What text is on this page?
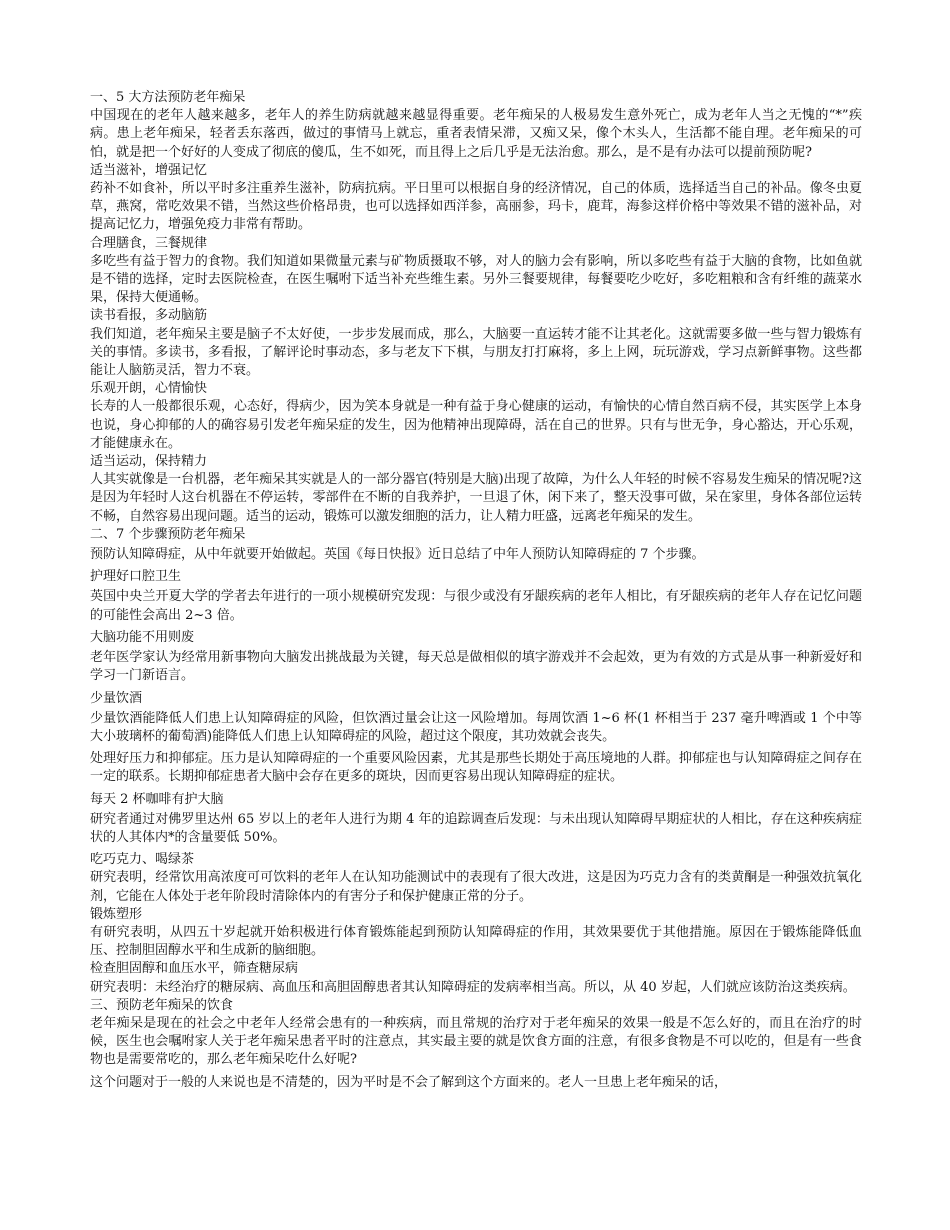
一、5 大方法预防老年痴呆

中国现在的老年人越来越多，老年人的养生防病就越来越显得重要。老年痴呆的人极易发生意外死亡，成为老年人当之无愧的“*”疾病。患上老年痴呆，轻者丢东落西，做过的事情马上就忘，重者表情呆滞，又痴又呆，像个木头人，生活都不能自理。老年痴呆的可怕，就是把一个好好的人变成了彻底的傻瓜，生不如死，而且得上之后几乎是无法治愈。那么，是不是有办法可以提前预防呢?

适当滋补，增强记忆

药补不如食补，所以平时多注重养生滋补，防病抗病。平日里可以根据自身的经济情况，自己的体质，选择适当自己的补品。像冬虫夏草，燕窝，常吃效果不错，当然这些价格昂贵，也可以选择如西洋参，高丽参，玛卡，鹿茸，海参这样价格中等效果不错的滋补品，对提高记忆力，增强免疫力非常有帮助。

合理膳食，三餐规律

多吃些有益于智力的食物。我们知道如果微量元素与矿物质摄取不够，对人的脑力会有影响，所以多吃些有益于大脑的食物，比如鱼就是不错的选择，定时去医院检查，在医生嘱咐下适当补充些维生素。另外三餐要规律，每餐要吃少吃好，多吃粗粮和含有纤维的蔬菜水果，保持大便通畅。

读书看报，多动脑筋

我们知道，老年痴呆主要是脑子不太好使，一步步发展而成，那么，大脑要一直运转才能不让其老化。这就需要多做一些与智力锻炼有关的事情。多读书，多看报，了解评论时事动态，多与老友下下棋，与朋友打打麻将，多上上网，玩玩游戏，学习点新鲜事物。这些都能让人脑筋灵活，智力不衰。

乐观开朗，心情愉快

长寿的人一般都很乐观，心态好，得病少，因为笑本身就是一种有益于身心健康的运动，有愉快的心情自然百病不侵，其实医学上本身也说，身心抑郁的人的确容易引发老年痴呆症的发生，因为他精神出现障碍，活在自己的世界。只有与世无争，身心豁达，开心乐观，才能健康永在。

适当运动，保持精力

人其实就像是一台机器，老年痴呆其实就是人的一部分器官(特别是大脑)出现了故障，为什么人年轻的时候不容易发生痴呆的情况呢?这是因为年轻时人这台机器在不停运转，零部件在不断的自我养护，一旦退了休，闲下来了，整天没事可做，呆在家里，身体各部位运转不畅，自然容易出现问题。适当的运动，锻炼可以激发细胞的活力，让人精力旺盛，远离老年痴呆的发生。

二、7 个步骤预防老年痴呆

预防认知障碍症，从中年就要开始做起。英国《每日快报》近日总结了中年人预防认知障碍症的 7 个步骤。

护理好口腔卫生

英国中央兰开夏大学的学者去年进行的一项小规模研究发现：与很少或没有牙龈疾病的老年人相比，有牙龈疾病的老年人存在记忆问题的可能性会高出 2~3 倍。

大脑功能不用则废

老年医学家认为经常用新事物向大脑发出挑战最为关键，每天总是做相似的填字游戏并不会起效，更为有效的方式是从事一种新爱好和学习一门新语言。

少量饮酒

少量饮酒能降低人们患上认知障碍症的风险，但饮酒过量会让这一风险增加。每周饮酒 1~6 杯(1 杯相当于 237 毫升啤酒或 1 个中等大小玻璃杯的葡萄酒)能降低人们患上认知障碍症的风险，超过这个限度，其功效就会丧失。

处理好压力和抑郁症。压力是认知障碍症的一个重要风险因素，尤其是那些长期处于高压境地的人群。抑郁症也与认知障碍症之间存在一定的联系。长期抑郁症患者大脑中会存在更多的斑块，因而更容易出现认知障碍症的症状。

每天 2 杯咖啡有护大脑

研究者通过对佛罗里达州 65 岁以上的老年人进行为期 4 年的追踪调查后发现：与未出现认知障碍早期症状的人相比，存在这种疾病症状的人其体内*的含量要低 50%。

吃巧克力、喝绿茶

研究表明，经常饮用高浓度可可饮料的老年人在认知功能测试中的表现有了很大改进，这是因为巧克力含有的类黄酮是一种强效抗氧化剂，它能在人体处于老年阶段时清除体内的有害分子和保护健康正常的分子。

锻炼塑形

有研究表明，从四五十岁起就开始积极进行体育锻炼能起到预防认知障碍症的作用，其效果要优于其他措施。原因在于锻炼能降低血压、控制胆固醇水平和生成新的脑细胞。

检查胆固醇和血压水平，筛查糖尿病

研究表明：未经治疗的糖尿病、高血压和高胆固醇患者其认知障碍症的发病率相当高。所以，从 40 岁起，人们就应该防治这类疾病。

三、预防老年痴呆的饮食

老年痴呆是现在的社会之中老年人经常会患有的一种疾病，而且常规的治疗对于老年痴呆的效果一般是不怎么好的，而且在治疗的时候，医生也会嘱咐家人关于老年痴呆患者平时的注意点，其实最主要的就是饮食方面的注意，有很多食物是不可以吃的，但是有一些食物也是需要常吃的，那么老年痴呆吃什么好呢?

这个问题对于一般的人来说也是不清楚的，因为平时是不会了解到这个方面来的。老人一旦患上老年痴呆的话，
